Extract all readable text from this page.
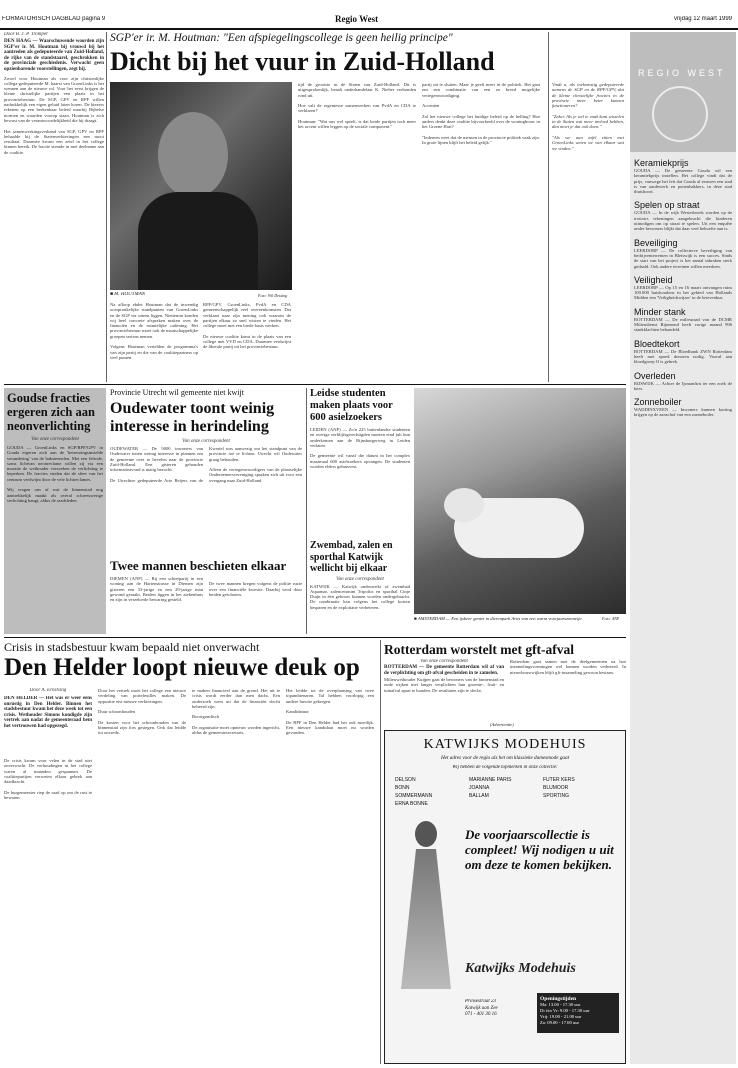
FORMATORISCH DAGBLAD pagina 9	Regio West	vrijdag 12 maart 1999
Door B. J. P. Tromper
DEN HAAG — Waarschuwende woorden zijn SGP'er ir. M. Houtman bij vrouwd bij het aantreden als gedeputeerde van Zuid-Holland, de rijke van de standstaarel, geschrokken in de provinciale geschiedenis. Verwacht geen opzienbarende voorstellingen, zegt hij.
Zowel voor Houtman als voor zijn christenlijke collega-gedeputeerde M. haarst van GroenLinks is het wennen aan de nieuwe rol. Voor het eerst krijgen de kleine christelijke partijen een plaats in het provinciebestuur. De SGP, GPV en RPF willen nadrukkelijk een eigen geluid laten horen. De kiezers rekenen op een herkenbaar beleid waarbij Bijbelse normen en waarden voorop staan. Houtman is zich bewust van de verantwoordelijkheid die hij draagt.

Het samenwerkingsverband van SGP, GPV en RPF behaalde bij de Statenverkiezingen een mooi resultaat. Daarmee kwam een zetel in het college binnen bereik. De fractie stemde in met deelname aan de coalitie.
SGP'er ir. M. Houtman: "Een afspiegelingscollege is geen heilig principe"
Dicht bij het vuur in Zuid-Holland
■ M. HOUTMAN	Foto: Wil Dessing
Na afloop ebdet Houtman dat de inwendig oorspronkelijke standpunten van GroenLinks en de SGP ver uiteen liggen. Niettemin konden wij heel concrete afspraken maken over de financiën en de ruimtelijke ordening. Het provinciebestuur moet ook de maatschappelijke groepen serieus nemen.

Volgens Houtman vertelden de programma's van zijn partij en die van de coalitiepartners op veel punten.
RPF/GPV, GroenLinks, PvdA en CDA gemeenschappelijk veel overeenkomsten. Dat verklaart naar zijn mening ook waarom de partijen elkaar zo snel wisten te vinden. Het college moet met een brede basis werken.

De nieuwe coalitie komt in de plaats van een college met VVD en CDA. Daarmee verdwijnt de liberale partij uit het provinciebestuur.
tijd de grootste in de Staten van Zuid-Holland. Dit is uitgesprokenlijk, beaalt onderhandelaar K. Nieber verbonden rond uit.

Hoe valt de regentesse samenwerken van PvdA en CDA te verklaren?

Houtman: "Wat ons wel speelt, is dat beide partijen toch meer het accent willen leggen op de sociale component."
partij uit te sluiten. Maar je geeft meer in de politiek. Het gaat om een combinatie van een zo breed mogelijke vertegenwoordiging.

Accenten

Zal het nieuwe college het huidige beleid op de helling? Hoe anders denkt deze coalitie bijvoorbeeld over de woningbouw in het Groene Hart?

"Iedereen weet dat de mensen in de provincie politiek vaak zijn. In grote lijnen blijft het beleid gelijk."
Vindt u, als toekomstig gedeputeerde namens de SGP en de RPF/GPV, dat de kleine christelijke fracties in de provincie meer beter kunnen functioneren?

"Zeker. Als je wel te vaak kunt wisselen in de Staten wat meer invloed hebben, dan moet je dat ook doen."

"Als we aan tafel zitten met GroenLinks weten we van elkaar wat we vinden."
REGIO WEST
Keramiekprijs
GOUDA — De gemeente Gouda wil een keramiekprijs instellen. Het college vindt dat de prijs, vanwege het feit dat Gouda al eeuwen een stad is van aardewerk en pottenbakkers, in deze stad thuishoort.
Spelen op straat
GOUDA — In de wijk Westerbroek worden op de trottoirs tekeningen aangebracht die kinderen uitnodigen om op straat te spelen. Uit een enquête onder bewoners blijkt dat daar veel behoefte aan is.
Beveiliging
LEERDORP — De collectieve beveiliging van bedrijventerreinen in Bleiswijk is een succes. Sinds de start van het project is het aantal inbraken sterk gedaald. Ook andere terreinen willen meedoen.
Veiligheid
LEERDORP — Op 15 en 16 maart ontvangen ruim 100.000 huishoudens in het gebied van Hollands Midden een 'Veiligheidswijzer' in de brievenbus.
Minder stank
ROTTERDAM — De milieuraad van de DCMR Milieudienst Rijnmond heeft vorige maand 996 stankklachten behandeld.
Bloedtekort
ROTTERDAM — De Bloedbank ZWN Rotterdam heeft met spoed donoren nodig. Vooral aan bloedgroep O is gebrek.
Overleden
RIJSWIJK — Achter de Ijsmanfirn ter een zoek de kees.
Zonneboiler
WADDINXVEEN — Inwoners kunnen korting krijgen op de aanschaf van een zonneboiler.
Goudse fracties ergeren zich aan neonverlichting
Van onze correspondent
GOUDA — GroenLinks en SGP/RPF/GPV in Gouda ergeren zich aan de 'betreuringsinstelde verandering' van de baksteenelen. Met een felrode, soms lichtvan neonreclame willen zij via een moratie de wethouder verzoeken de verlichting te beperken. De fracties vinden dat de sfeer van het centrum verdwijnt door de vele lichtreclames.

Wij vragen ons af wat de binnenstad nog aantrekkelijk maakt als overal schreeuwerige verlichting hangt, aldus de raadsleden.
Provincie Utrecht wil gemeente niet kwijt
Oudewater toont weinig interesse in herindeling
Van onze correspondent
OUDEWATER — De 9000 inwoners van Oudewater tonen weinig interesse in plannen om de gemeente over te hevelen naar de provincie Zuid-Holland. Een gisteren gehouden informatieavond is matig bezocht.

De Utrechtse gedeputeerde Arie Reijers van de Kwartel was aanwezig om het standpunt van de provincie toe te lichten. Utrecht wil Oudewater graag behouden.

Alleen de vertegenwoordigers van de plaatselijke Ondernemersvereniging spraken zich uit voor een overgang naar Zuid-Holland.
Twee mannen beschieten elkaar
DIEMEN (ANP) — Bij een schietpartij in een woning aan de Hartenstrasse in Diemen zijn gisteren een 33-jarige en een 29-jarige man gewond geraakt. Beiden liggen in het ziekenhuis en zijn in verzekerde bewaring gesteld.

De twee mannen kregen volgens de politie ruzie over een financiële kwestie. Daarbij werd door beiden geschoten.
Leidse studenten maken plaats voor 600 asielzoekers
LEIDEN (ANP) — Zo'n 225 buitenlandse studenten en overige verblijfsgerechtigden moeten eind juli hun onderkomen aan de Rijnsburgerweg in Leiden verlaten.

De gemeente wil vanaf die datum in het complex maximaal 600 asielzoekers opvangen. De studenten worden elders gehuisvest.
Zwembad, zalen en sporthal Katwijk wellicht bij elkaar
Van onze correspondent
KATWIJK — Katwijk onderzoekt of zwembad Aquamar, zalencentrum Tripoliis en sporthal Cinje Duijn in één gebouw kunnen worden ondergebracht. De combinatie kan volgens het college kosten besparen en de exploitatie verbeteren.
■ AMSTERDAM — Een ijsbeer geniet in dierenpark Artis van een warm voorjaarszonnetje.	Foto: ANP
Crisis in stadsbestuur kwam bepaald niet onverwacht
Den Helder loopt nieuwe deuk op
Door A. Ernstsing
DEN HELDER — Het was er weer eens onrustig in Den Helder. Binnen het stadsbestuur kwam het deze week tot een crisis. Wethouder Simons kondigde zijn vertrek aan nadat de gemeenteraad hem het vertrouwen had opgezegd.
De crisis kwam voor velen in de stad niet onverwacht. De verhoudingen in het college waren al maanden gespannen. De coalitiepartijen verweten elkaar gebrek aan daadkracht.

De burgemeester riep de raad op om de rust te bewaren.
Door het vertrek moet het college een nieuwe verdeling van portefeuilles maken. De oppositie eist nieuwe verkiezingen.

Duur schoonhouden

De kosten voor het schoonhouden van de binnenstad zijn fors gestegen. Ook dat leidde tot onvrede.
te maken financieel aan de grond. Het uit te crisis wordt eerder dan men dacht. Een onderzoek wees uit dat de financiën slecht beheerd zijn.

Boortgondisch

De organisatie moet opnieuw worden ingericht, aldus de gemeentesecretaris.
Het leidde tot de overplaatsing van twee topambtenaren. Tal hebben voorlopig een andere functie gekregen.

Kandidatuur

De RPF in Den Helder had het ook moeilijk. Een nieuwe kandidaat moet nu worden gevonden.
Rotterdam worstelt met gft-afval
Van onze correspondent
ROTTERDAM — De gemeente Rotterdam wil af van de verplichting om gft-afval gescheiden in te zamelen.
Milieuwethouder Kuijper gaat de bewoners van de binnenstad en oude wijken niet langer verplichten hun groente-, fruit- en tuinafval apart te houden. De resultaten zijn te slecht.
Rotterdam gaat samen met de deelgemeenten na hoe inzamelingsvormingen wel kunnen worden verbeterd. In nieuwbouwwijken blijft gft-inzameling gewoon bestaan.
(Advertentie)
KATWIJKS MODEHUIS
Het adres voor de regio als het om klassieke damesmode gaat
Wij hebben de volgende topmerken in onze collectie:
DELSON	MARIANNE PARIS	FUTER KERS
BONN	JOANNA	BLUMOOR
SOMMERMANN	BALLAM	SPORTING
ERNA BONNE
De voorjaarscollectie is compleet! Wij nodigen u uit om deze te komen bekijken.
Katwijks Modehuis
Prinsestraat 23
Katwijk aan Zee
071 - 401 30 16
Openingstijden
Ma: 13.00 - 17.30 uur
Di t/m Vr: 9.00 - 17.30 uur
Vrij: 19.00 - 21.00 uur
Za: 09.00 - 17.00 uur
